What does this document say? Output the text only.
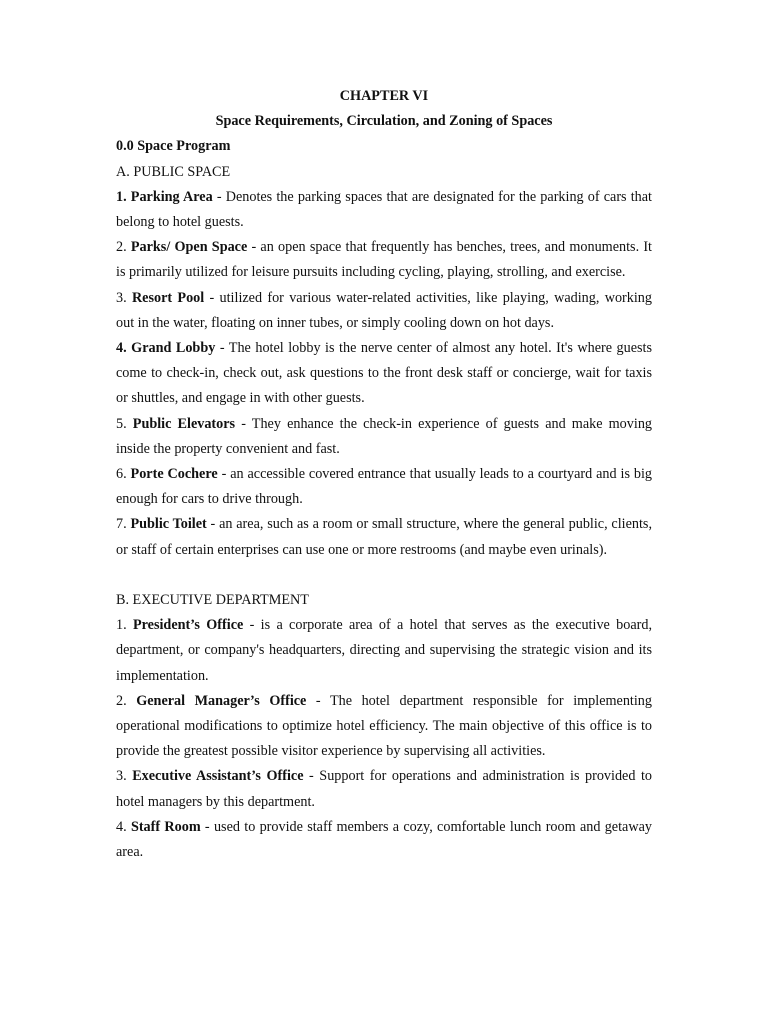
CHAPTER VI

Space Requirements, Circulation, and Zoning of Spaces

0.0 Space Program

A. PUBLIC SPACE

1. Parking Area - Denotes the parking spaces that are designated for the parking of cars that belong to hotel guests.

2. Parks/ Open Space - an open space that frequently has benches, trees, and monuments. It is primarily utilized for leisure pursuits including cycling, playing, strolling, and exercise.

3. Resort Pool - utilized for various water-related activities, like playing, wading, working out in the water, floating on inner tubes, or simply cooling down on hot days.

4. Grand Lobby - The hotel lobby is the nerve center of almost any hotel. It's where guests come to check-in, check out, ask questions to the front desk staff or concierge, wait for taxis or shuttles, and engage in with other guests.

5. Public Elevators - They enhance the check-in experience of guests and make moving inside the property convenient and fast.

6. Porte Cochere - an accessible covered entrance that usually leads to a courtyard and is big enough for cars to drive through.

7. Public Toilet - an area, such as a room or small structure, where the general public, clients, or staff of certain enterprises can use one or more restrooms (and maybe even urinals).

B. EXECUTIVE DEPARTMENT

1. President’s Office - is a corporate area of a hotel that serves as the executive board, department, or company's headquarters, directing and supervising the strategic vision and its implementation.

2. General Manager’s Office - The hotel department responsible for implementing operational modifications to optimize hotel efficiency. The main objective of this office is to provide the greatest possible visitor experience by supervising all activities.

3. Executive Assistant’s Office - Support for operations and administration is provided to hotel managers by this department.

4. Staff Room - used to provide staff members a cozy, comfortable lunch room and getaway area.
